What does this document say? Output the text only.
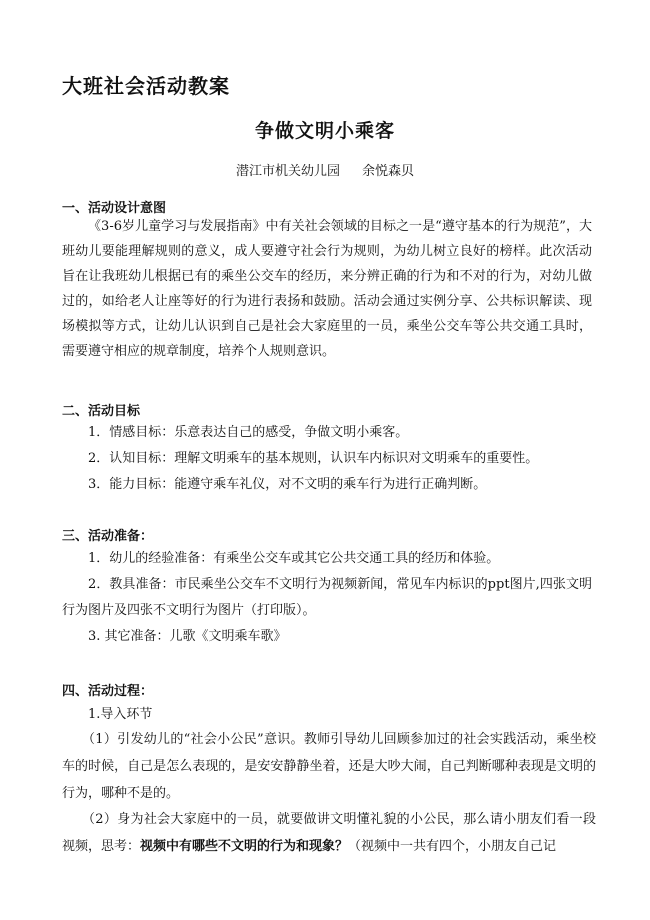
大班社会活动教案
争做文明小乘客
潜江市机关幼儿园 余悦森贝
一、活动设计意图
《3-6岁儿童学习与发展指南》中有关社会领域的目标之一是“遵守基本的行为规范”，大班幼儿要能理解规则的意义，成人要遵守社会行为规则，为幼儿树立良好的榜样。此次活动旨在让我班幼儿根据已有的乘坐公交车的经历，来分辨正确的行为和不对的行为，对幼儿做过的，如给老人让座等好的行为进行表扬和鼓励。活动会通过实例分享、公共标识解读、现场模拟等方式，让幼儿认识到自己是社会大家庭里的一员，乘坐公交车等公共交通工具时，需要遵守相应的规章制度，培养个人规则意识。
二、活动目标
1．情感目标：乐意表达自己的感受，争做文明小乘客。
2．认知目标：理解文明乘车的基本规则，认识车内标识对文明乘车的重要性。
3．能力目标：能遵守乘车礼仪，对不文明的乘车行为进行正确判断。
三、活动准备：
1．幼儿的经验准备：有乘坐公交车或其它公共交通工具的经历和体验。
2．教具准备：市民乘坐公交车不文明行为视频新闻，常见车内标识的ppt图片,四张文明行为图片及四张不文明行为图片（打印版）。
3. 其它准备：儿歌《文明乘车歌》
四、活动过程：
1.导入环节
（1）引发幼儿的“社会小公民”意识。教师引导幼儿回顾参加过的社会实践活动，乘坐校车的时候，自己是怎么表现的，是安安静静坐着，还是大吵大闹，自己判断哪种表现是文明的行为，哪种不是的。
（2）身为社会大家庭中的一员，就要做讲文明懂礼貌的小公民，那么请小朋友们看一段视频，思考：视频中有哪些不文明的行为和现象？（视频中一共有四个，小朋友自己记
